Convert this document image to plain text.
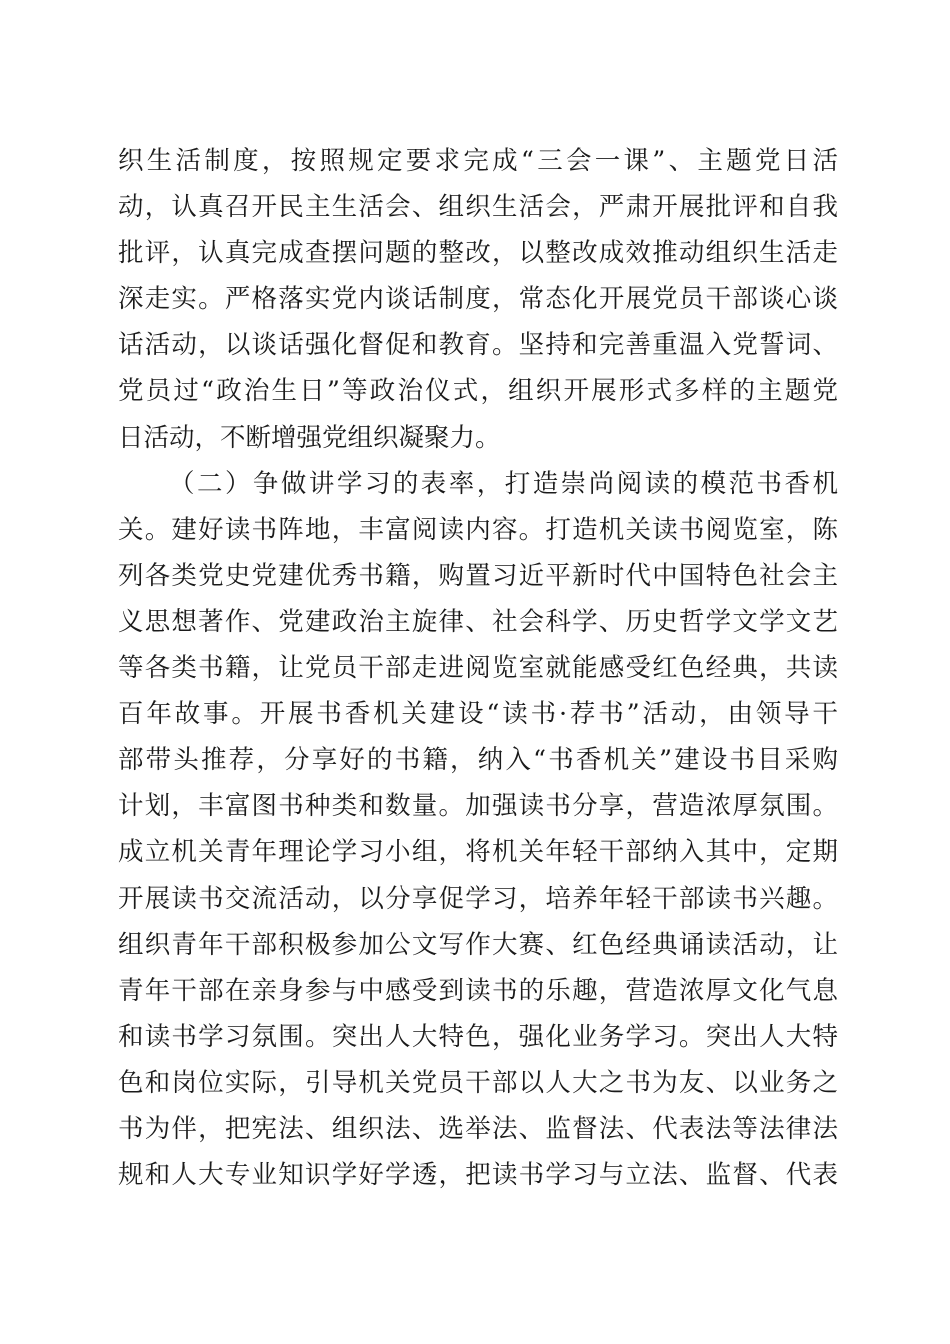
织生活制度，按照规定要求完成“三会一课”、主题党日活
动，认真召开民主生活会、组织生活会，严肃开展批评和自我
批评，认真完成查摆问题的整改，以整改成效推动组织生活走
深走实。严格落实党内谈话制度，常态化开展党员干部谈心谈
话活动，以谈话强化督促和教育。坚持和完善重温入党誓词、
党员过“政治生日”等政治仪式，组织开展形式多样的主题党
日活动，不断增强党组织凝聚力。
（二）争做讲学习的表率，打造崇尚阅读的模范书香机
关。建好读书阵地，丰富阅读内容。打造机关读书阅览室，陈
列各类党史党建优秀书籍，购置习近平新时代中国特色社会主
义思想著作、党建政治主旋律、社会科学、历史哲学文学文艺
等各类书籍，让党员干部走进阅览室就能感受红色经典，共读
百年故事。开展书香机关建设“读书·荐书”活动，由领导干
部带头推荐，分享好的书籍，纳入“书香机关”建设书目采购
计划，丰富图书种类和数量。加强读书分享，营造浓厚氛围。
成立机关青年理论学习小组，将机关年轻干部纳入其中，定期
开展读书交流活动，以分享促学习，培养年轻干部读书兴趣。
组织青年干部积极参加公文写作大赛、红色经典诵读活动，让
青年干部在亲身参与中感受到读书的乐趣，营造浓厚文化气息
和读书学习氛围。突出人大特色，强化业务学习。突出人大特
色和岗位实际，引导机关党员干部以人大之书为友、以业务之
书为伴，把宪法、组织法、选举法、监督法、代表法等法律法
规和人大专业知识学好学透，把读书学习与立法、监督、代表
